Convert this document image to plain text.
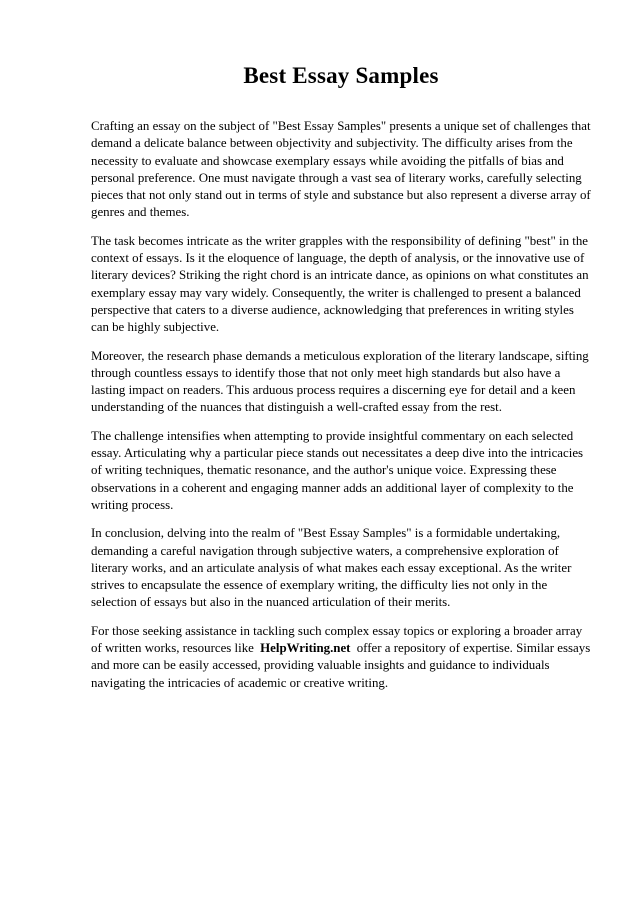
Best Essay Samples

Crafting an essay on the subject of "Best Essay Samples" presents a unique set of challenges that demand a delicate balance between objectivity and subjectivity. The difficulty arises from the necessity to evaluate and showcase exemplary essays while avoiding the pitfalls of bias and personal preference. One must navigate through a vast sea of literary works, carefully selecting pieces that not only stand out in terms of style and substance but also represent a diverse array of genres and themes.

The task becomes intricate as the writer grapples with the responsibility of defining "best" in the context of essays. Is it the eloquence of language, the depth of analysis, or the innovative use of literary devices? Striking the right chord is an intricate dance, as opinions on what constitutes an exemplary essay may vary widely. Consequently, the writer is challenged to present a balanced perspective that caters to a diverse audience, acknowledging that preferences in writing styles can be highly subjective.

Moreover, the research phase demands a meticulous exploration of the literary landscape, sifting through countless essays to identify those that not only meet high standards but also have a lasting impact on readers. This arduous process requires a discerning eye for detail and a keen understanding of the nuances that distinguish a well-crafted essay from the rest.

The challenge intensifies when attempting to provide insightful commentary on each selected essay. Articulating why a particular piece stands out necessitates a deep dive into the intricacies of writing techniques, thematic resonance, and the author's unique voice. Expressing these observations in a coherent and engaging manner adds an additional layer of complexity to the writing process.

In conclusion, delving into the realm of "Best Essay Samples" is a formidable undertaking, demanding a careful navigation through subjective waters, a comprehensive exploration of literary works, and an articulate analysis of what makes each essay exceptional. As the writer strives to encapsulate the essence of exemplary writing, the difficulty lies not only in the selection of essays but also in the nuanced articulation of their merits.

For those seeking assistance in tackling such complex essay topics or exploring a broader array of written works, resources like HelpWriting.net offer a repository of expertise. Similar essays and more can be easily accessed, providing valuable insights and guidance to individuals navigating the intricacies of academic or creative writing.
